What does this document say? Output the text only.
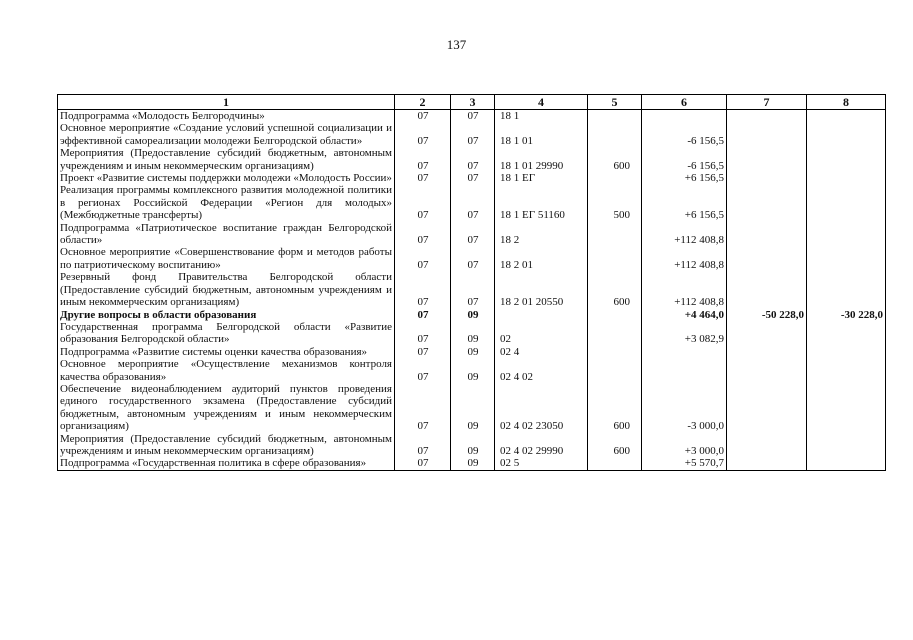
137
1	2	3	4	5	6	7	8
Подпрограмма «Молодость Белгородчины»	07	07	18 1				
Основное мероприятие «Создание условий успешной социализации и эффективной самореализации молодежи Белгородской области»	07	07	18 1 01		-6 156,5		
Мероприятия (Предоставление субсидий бюджетным, автономным учреждениям и иным некоммерческим организациям)	07	07	18 1 01 29990	600	-6 156,5		
Проект «Развитие системы поддержки молодежи «Молодость России»	07	07	18 1 ЕГ		+6 156,5		
Реализация программы комплексного развития молодежной политики в регионах Российской Федерации «Регион для молодых» (Межбюджетные трансферты)	07	07	18 1 ЕГ 51160	500	+6 156,5		
Подпрограмма «Патриотическое воспитание граждан Белгородской области»	07	07	18 2		+112 408,8		
Основное мероприятие «Совершенствование форм и методов работы по патриотическому воспитанию»	07	07	18 2 01		+112 408,8		
Резервный фонд Правительства Белгородской области (Предоставление субсидий бюджетным, автономным учреждениям и иным некоммерческим организациям)	07	07	18 2 01 20550	600	+112 408,8		
Другие вопросы в области образования	07	09			+4 464,0	-50 228,0	-30 228,0
Государственная программа Белгородской области «Развитие образования Белгородской области»	07	09	02		+3 082,9		
Подпрограмма «Развитие системы оценки качества образования»	07	09	02 4				
Основное мероприятие «Осуществление механизмов контроля качества образования»	07	09	02 4 02				
Обеспечение видеонаблюдением аудиторий пунктов проведения единого государственного экзамена (Предоставление субсидий бюджетным, автономным учреждениям и иным некоммерческим организациям)	07	09	02 4 02 23050	600	-3 000,0		
Мероприятия (Предоставление субсидий бюджетным, автономным учреждениям и иным некоммерческим организациям)	07	09	02 4 02 29990	600	+3 000,0		
Подпрограмма «Государственная политика в сфере образования»	07	09	02 5		+5 570,7		
